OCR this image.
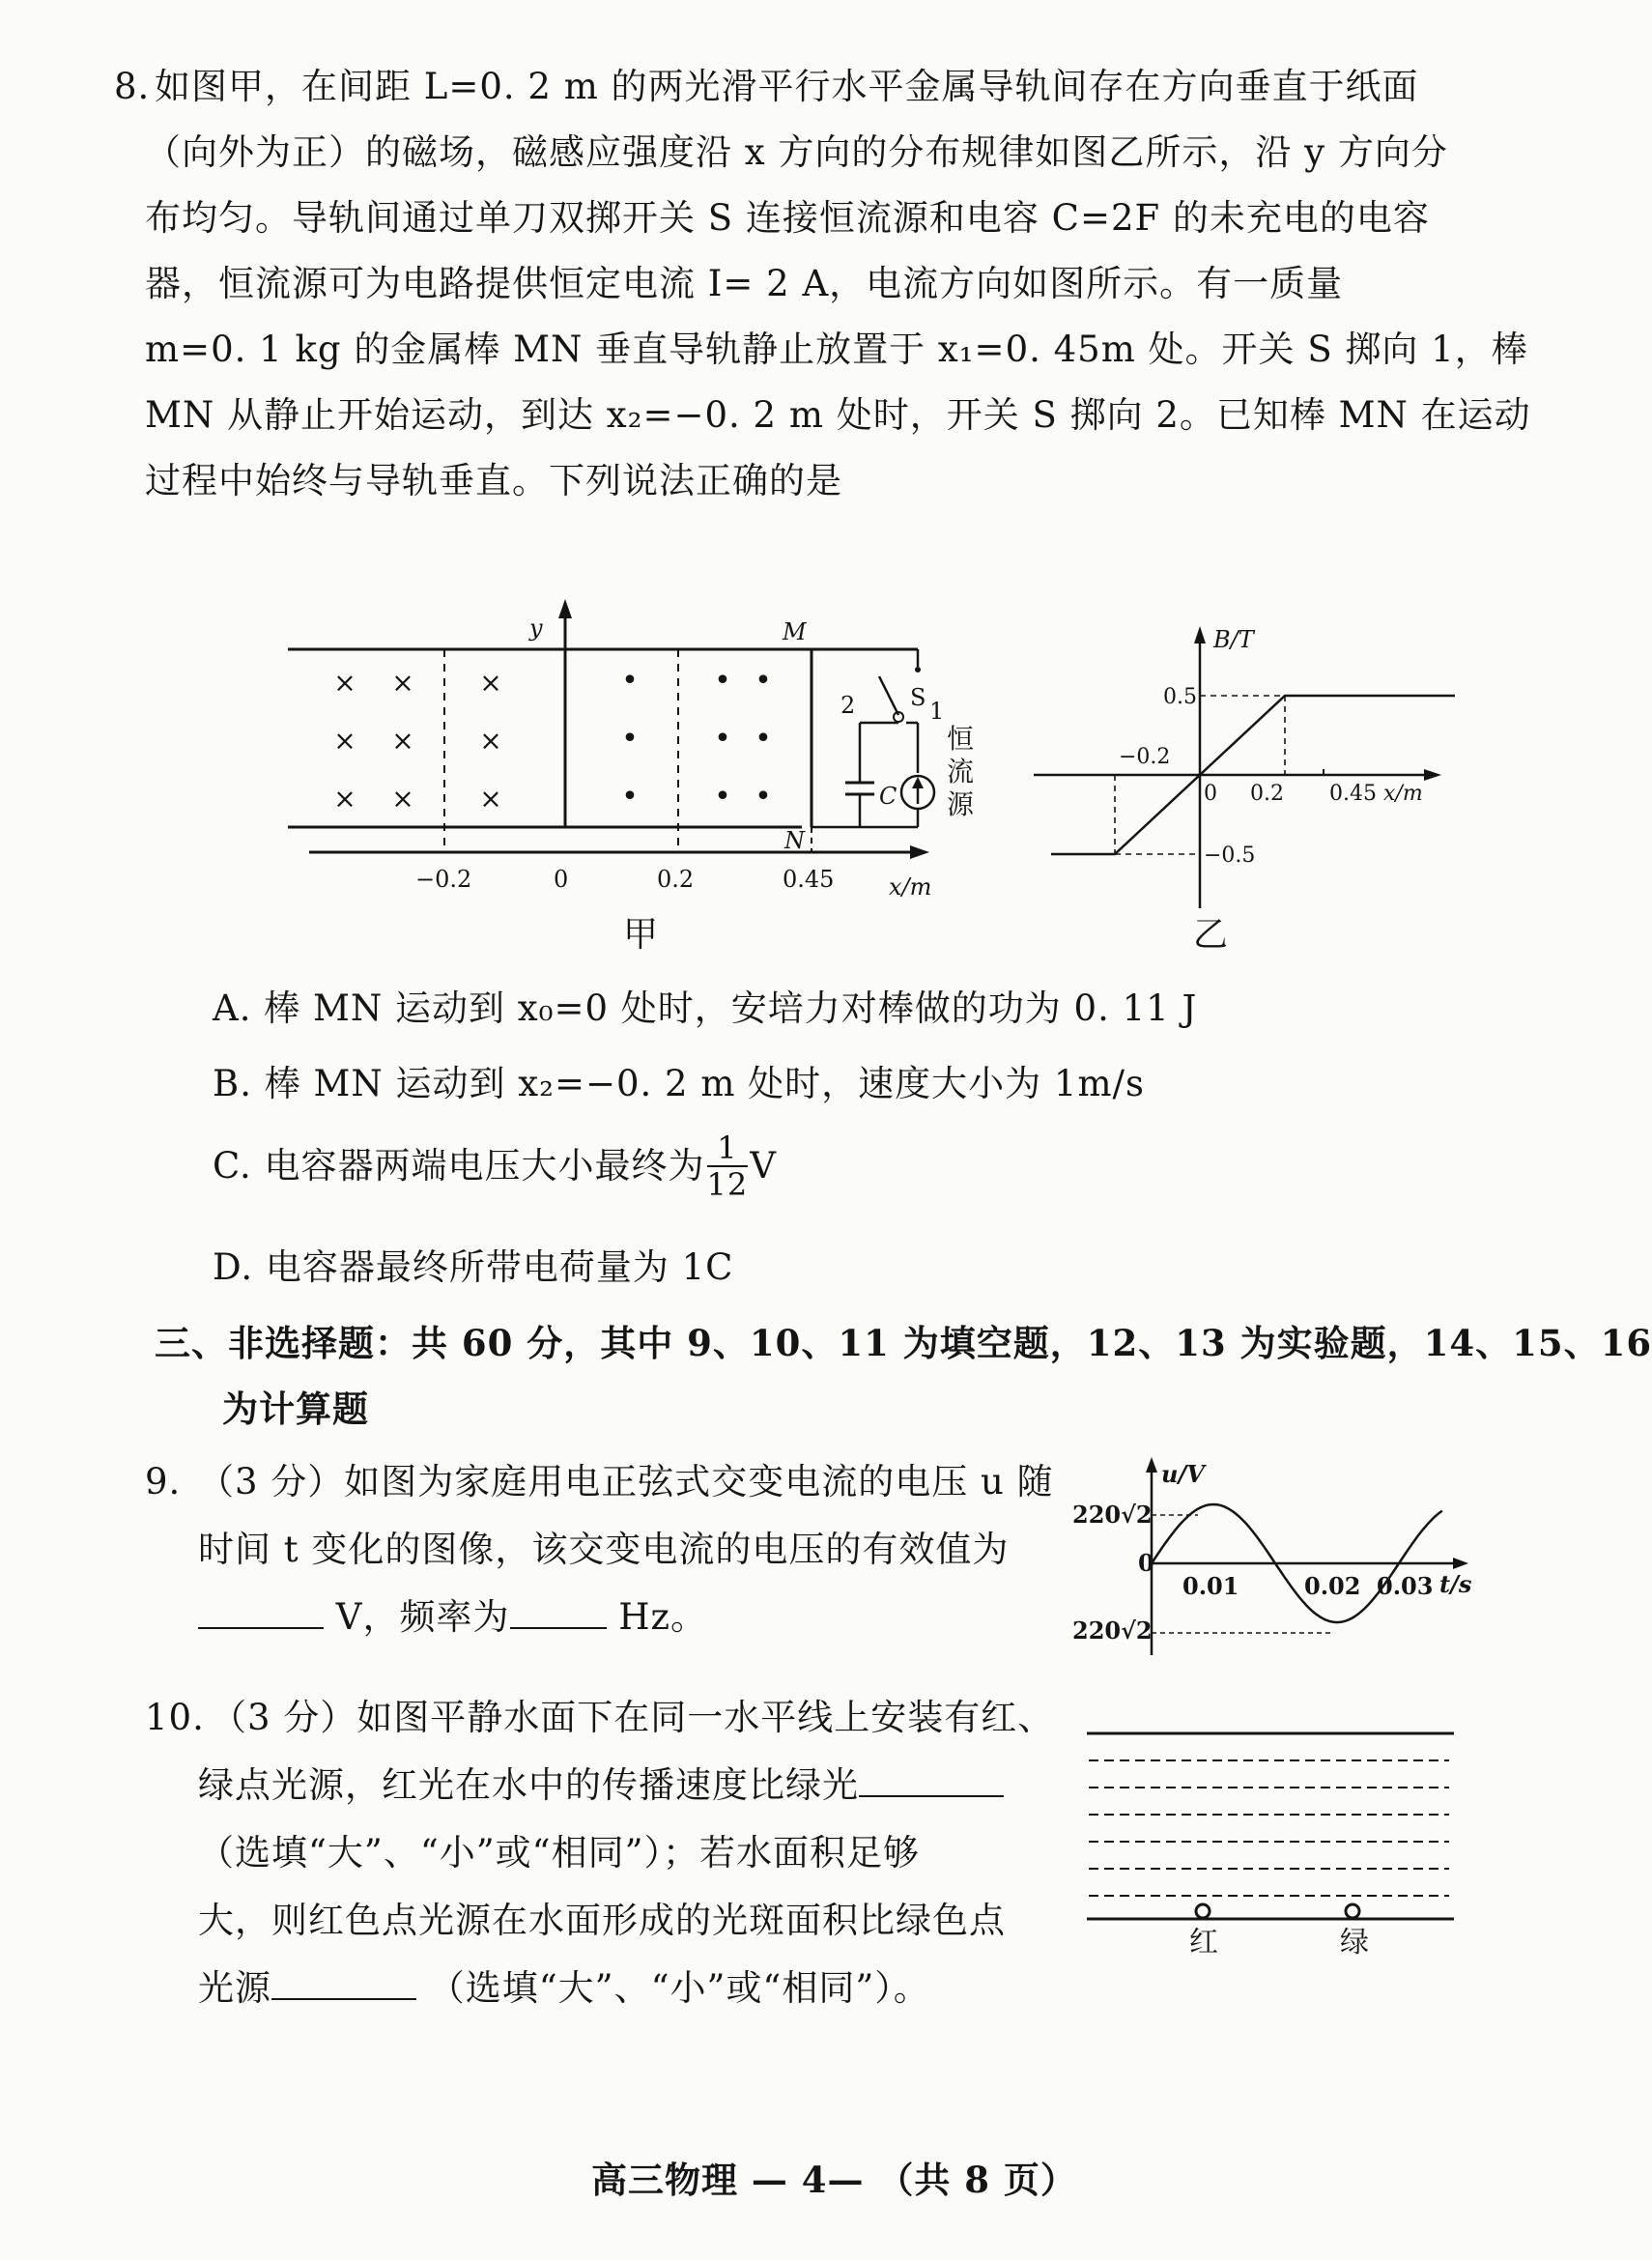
8. 如图甲，在间距 L=0. 2 m 的两光滑平行水平金属导轨间存在方向垂直于纸面
（向外为正）的磁场，磁感应强度沿 x 方向的分布规律如图乙所示，沿 y 方向分
布均匀。导轨间通过单刀双掷开关 S 连接恒流源和电容 C=2F 的未充电的电容
器，恒流源可为电路提供恒定电流 I= 2 A，电流方向如图所示。有一质量
m=0. 1 kg 的金属棒 MN 垂直导轨静止放置于 x₁=0. 45m 处。开关 S 掷向 1，棒
MN 从静止开始运动，到达 x₂=−0. 2 m 处时，开关 S 掷向 2。已知棒 MN 在运动
过程中始终与导轨垂直。下列说法正确的是
y	M
N
× × ×
× × ×
× × ×
•	• •
•	• •
•	• •
S
2
C
1
恒
流
源
−0.2	0	0.2	0.45 x/m
甲
B/T
x/m
0
−0.2
0.2 0.45
0.5
−0.5
乙
A. 棒 MN 运动到 x₀=0 处时，安培力对棒做的功为 0. 11 J
B. 棒 MN 运动到 x₂=−0. 2 m 处时，速度大小为 1m/s
C. 电容器两端电压大小最终为 $\frac{1}{12}$ V
D. 电容器最终所带电荷量为 1C
三、非选择题：共 60 分，其中 9、10、11 为填空题，12、13 为实验题，14、15、16
为计算题
9. （3 分）如图为家庭用电正弦式交变电流的电压 u 随
时间 t 变化的图像，该交变电流的电压的有效值为
V，频率为	Hz。
u/V
t/s
0
220√2
220√2
0.01	0.02 0.03
10. （3 分）如图平静水面下在同一水平线上安装有红、
绿点光源，红光在水中的传播速度比绿光
（选填“大”、“小”或“相同”）；若水面积足够
大，则红色点光源在水面形成的光斑面积比绿色点
光源	（选填“大”、“小”或“相同”）。
红	绿
高三物理 — 4— （共 8 页）
